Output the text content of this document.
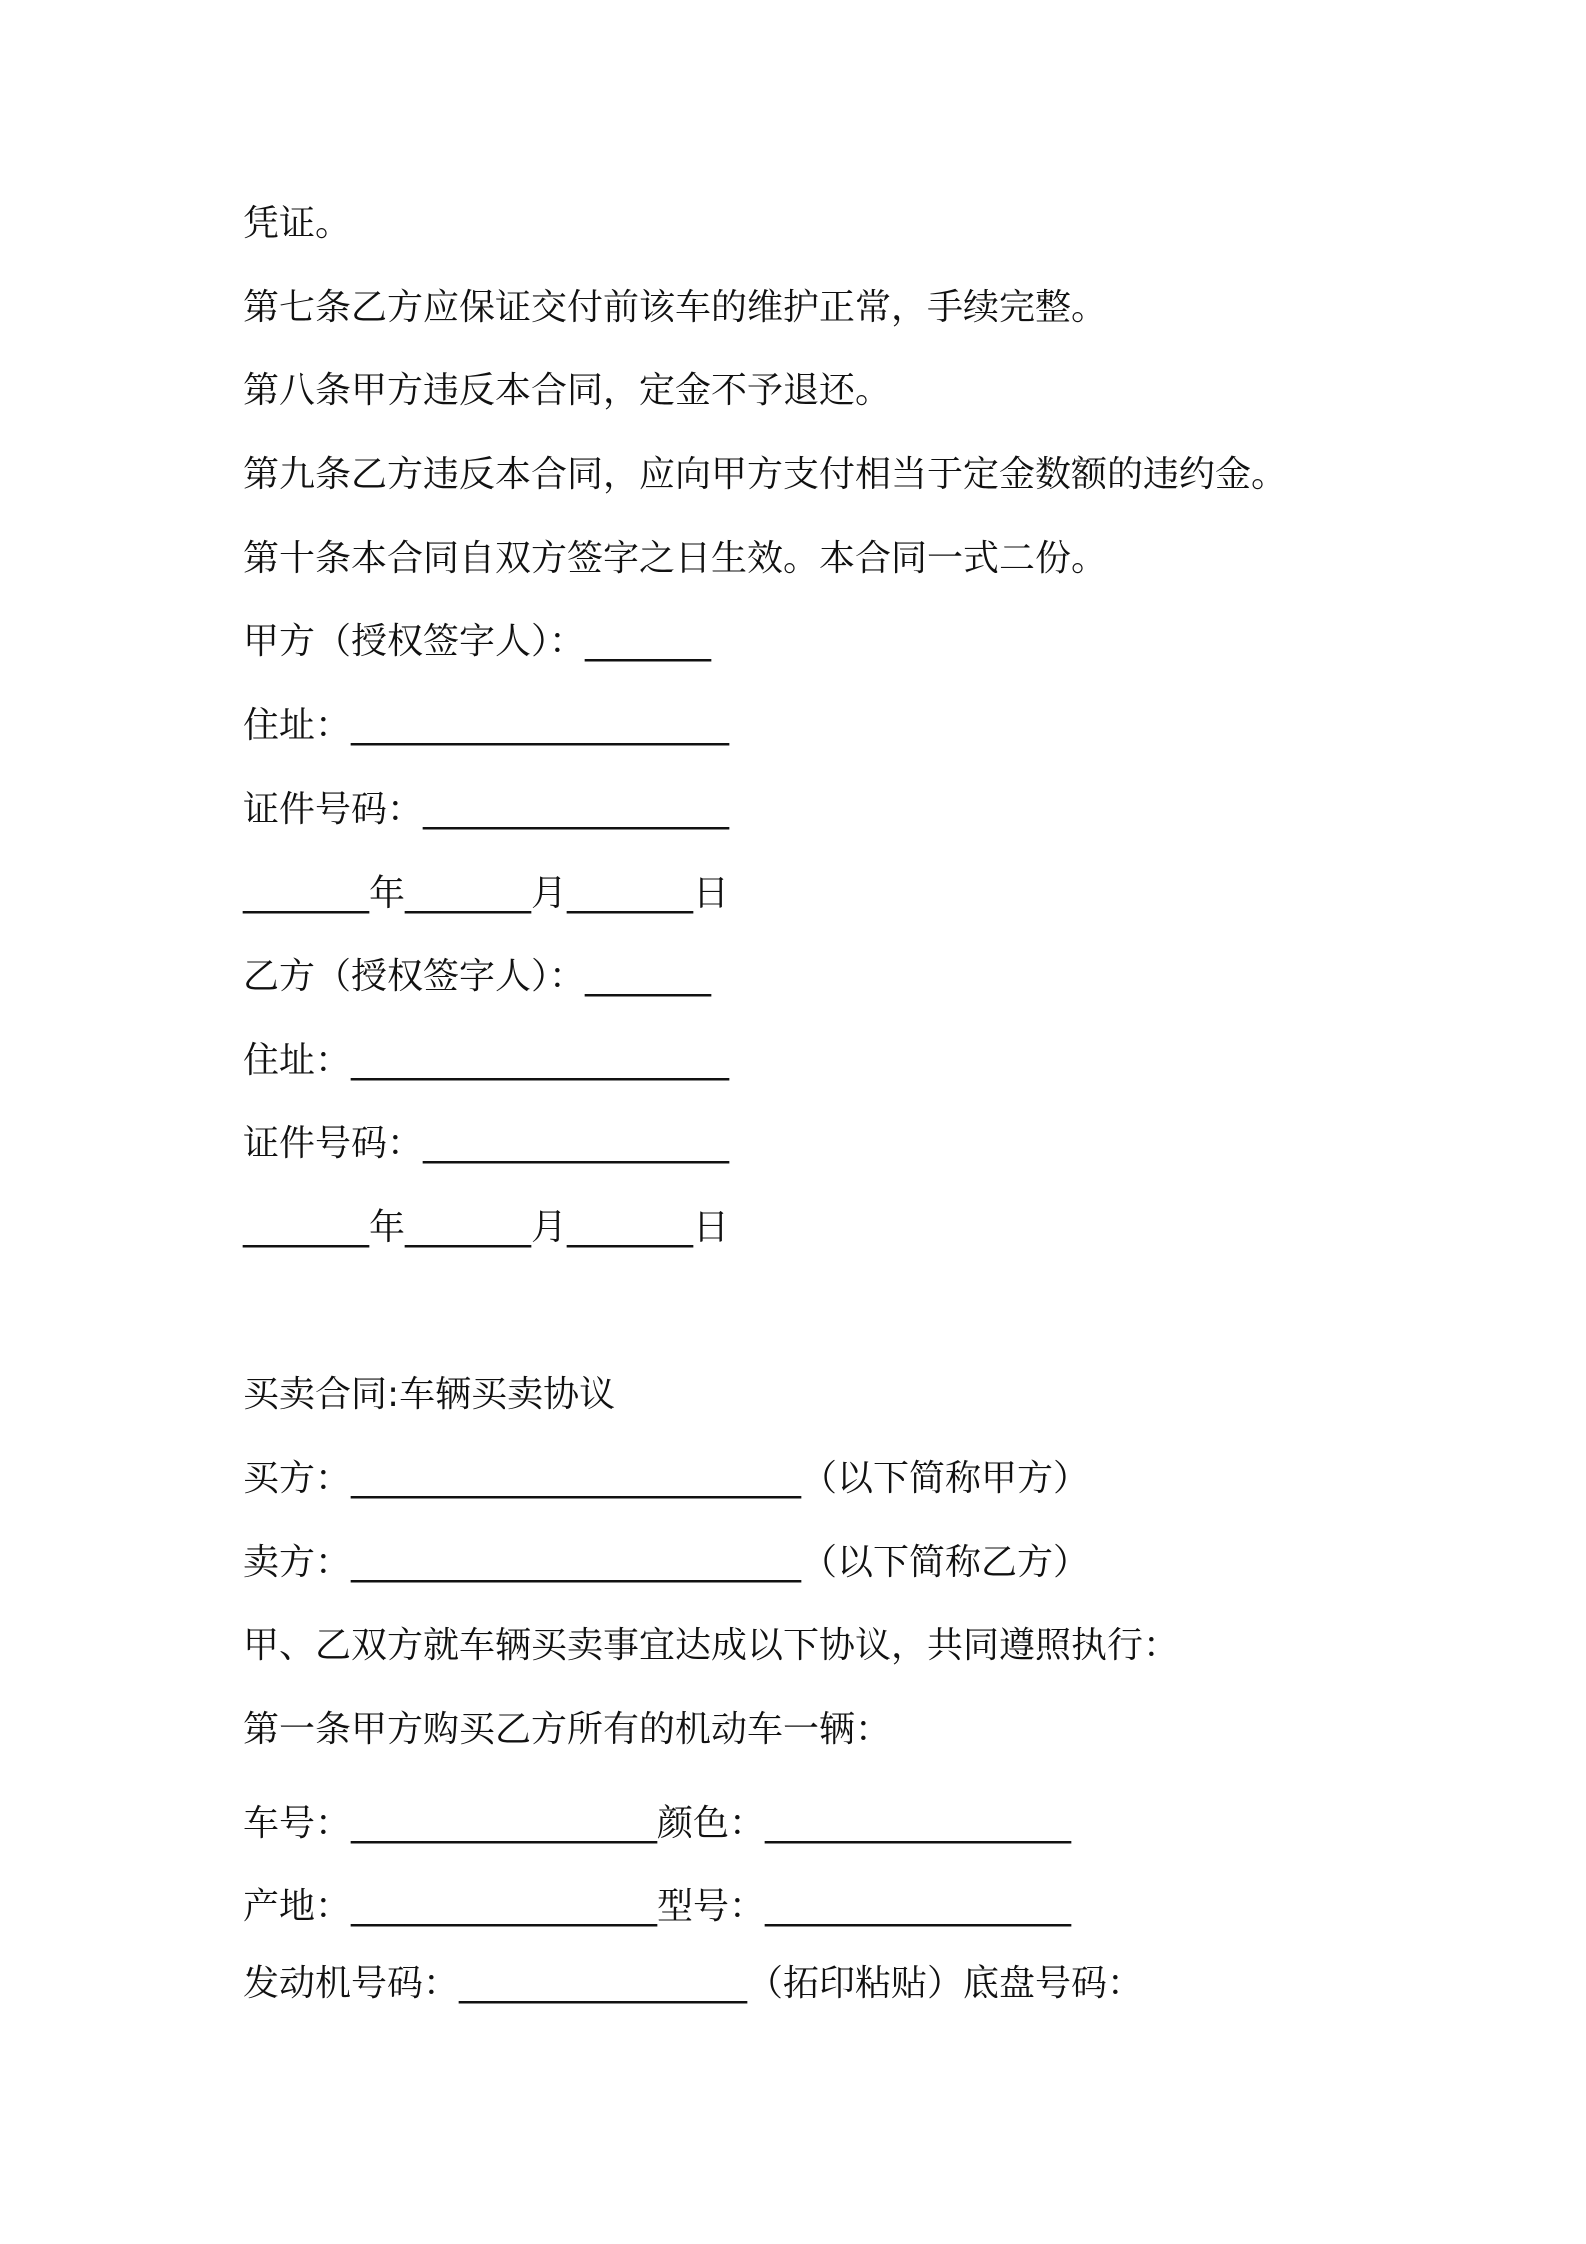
凭证。
第七条乙方应保证交付前该车的维护正常，手续完整。
第八条甲方违反本合同，定金不予退还。
第九条乙方违反本合同，应向甲方支付相当于定金数额的违约金。
第十条本合同自双方签字之日生效。本合同一式二份。
甲方（授权签字人）：_______
住址：_____________________
证件号码：_________________
_______年_______月_______日
乙方（授权签字人）：_______
住址：_____________________
证件号码：_________________
_______年_______月_______日
买卖合同:车辆买卖协议
买方：_________________________（以下简称甲方）
卖方：_________________________（以下简称乙方）
甲、乙双方就车辆买卖事宜达成以下协议，共同遵照执行：
第一条甲方购买乙方所有的机动车一辆：
车号：_________________颜色：_________________
产地：_________________型号：_________________
发动机号码：________________（拓印粘贴）底盘号码：
